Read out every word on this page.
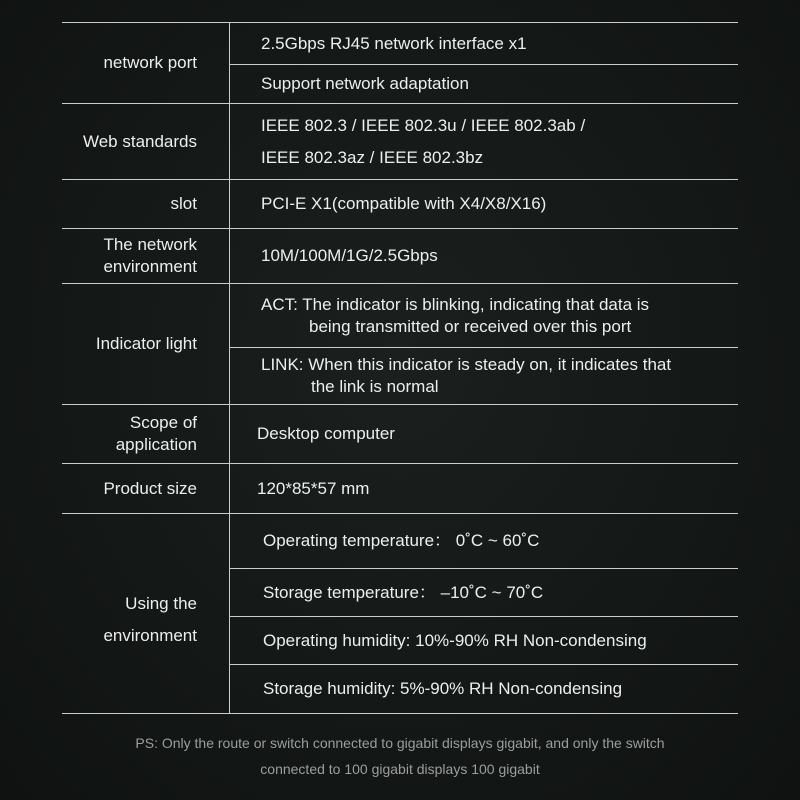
network port
2.5Gbps RJ45 network interface x1
Support network adaptation
Web standards
IEEE 802.3 / IEEE 802.3u / IEEE 802.3ab /
IEEE 802.3az / IEEE 802.3bz
slot	PCI-E X1(compatible with X4/X8/X16)
The network
environment
10M/100M/1G/2.5Gbps
Indicator light
ACT: The indicator is blinking, indicating that data is
being transmitted or received over this port
LINK: When this indicator is steady on, it indicates that
the link is normal
Scope of
application
Desktop computer
Product size	120*85*57 mm
Using the
environment
Operating temperature： 0˚C ~ 60˚C
Storage temperature： –10˚C ~ 70˚C
Operating humidity: 10%-90% RH Non-condensing
Storage humidity: 5%-90% RH Non-condensing
PS: Only the route or switch connected to gigabit displays gigabit, and only the switch
connected to 100 gigabit displays 100 gigabit
